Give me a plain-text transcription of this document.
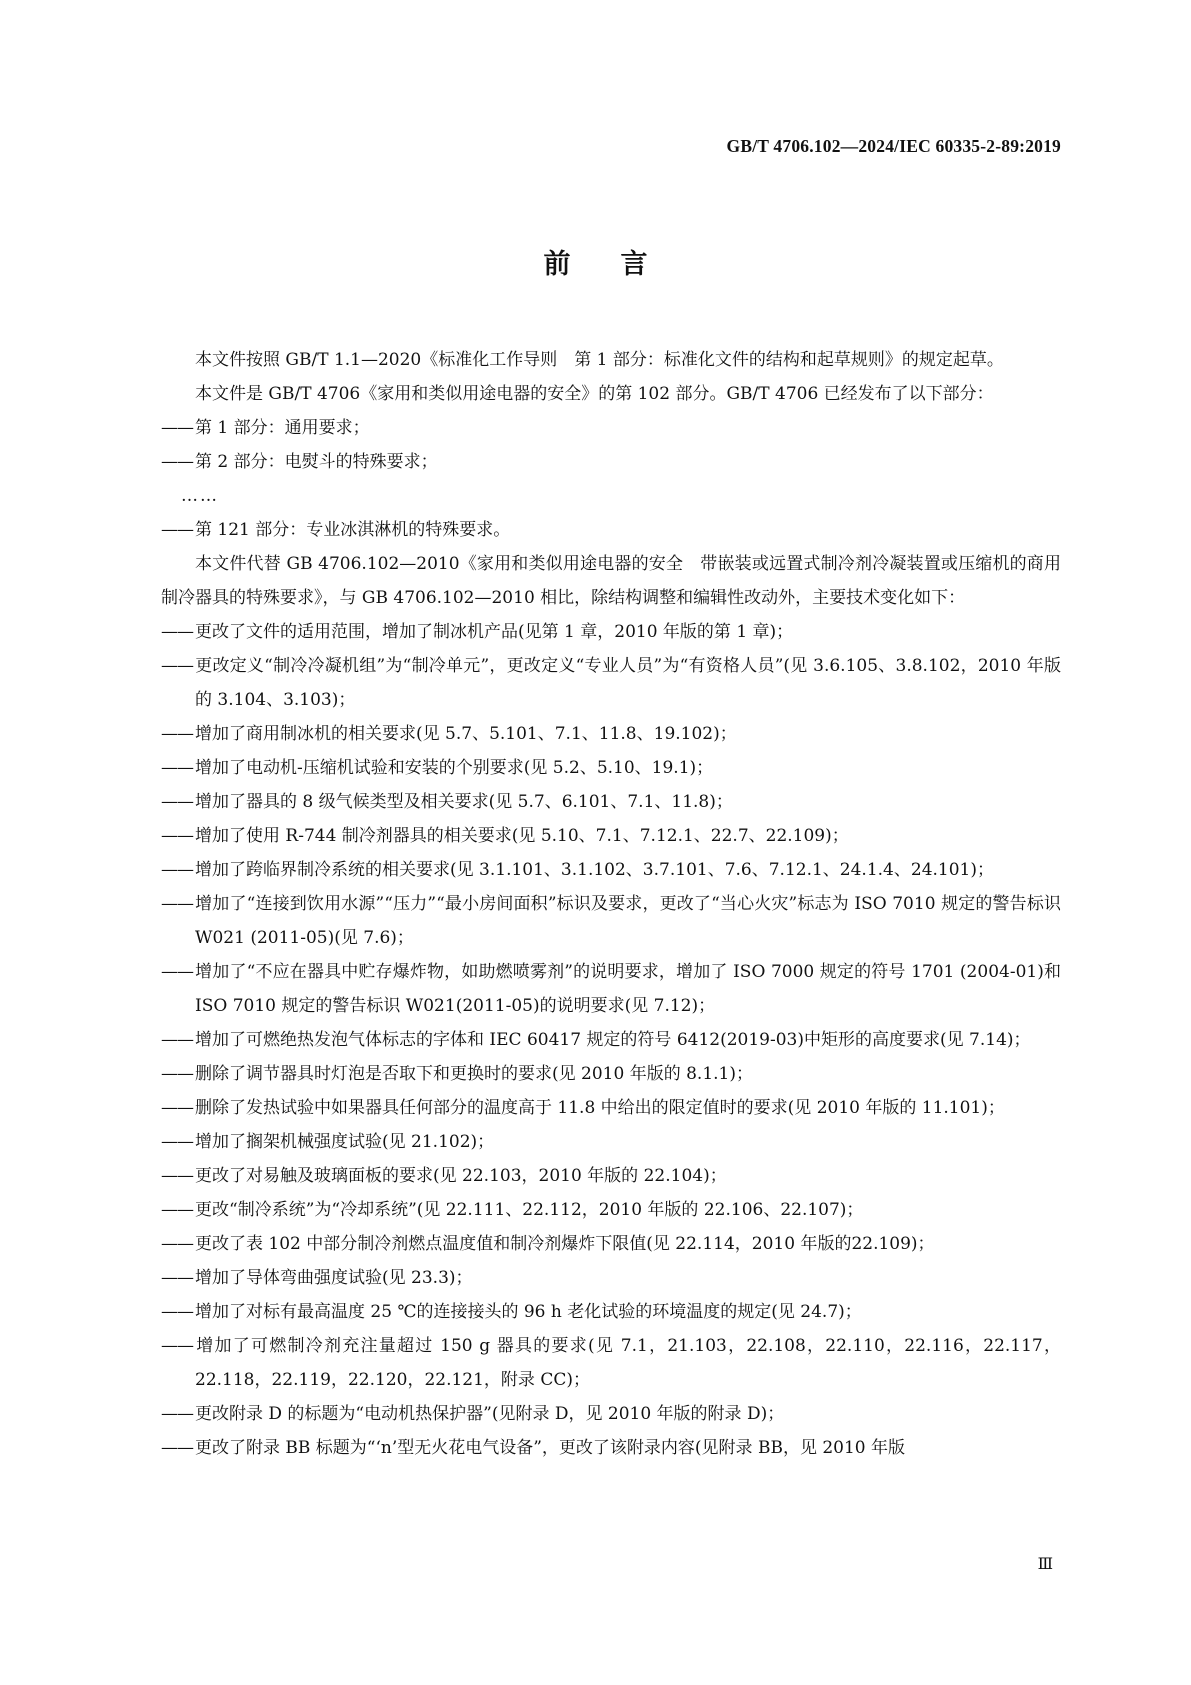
GB/T 4706.102—2024/IEC 60335-2-89:2019
前言

本文件按照 GB/T 1.1—2020《标准化工作导则　第 1 部分：标准化文件的结构和起草规则》的规定起草。

本文件是 GB/T 4706《家用和类似用途电器的安全》的第 102 部分。GB/T 4706 已经发布了以下部分：

—— 第 1 部分：通用要求；

—— 第 2 部分：电熨斗的特殊要求；

……

—— 第 121 部分：专业冰淇淋机的特殊要求。

本文件代替 GB 4706.102—2010《家用和类似用途电器的安全　带嵌装或远置式制冷剂冷凝装置或压缩机的商用制冷器具的特殊要求》，与 GB 4706.102—2010 相比，除结构调整和编辑性改动外，主要技术变化如下：

—— 更改了文件的适用范围，增加了制冰机产品(见第 1 章，2010 年版的第 1 章)；

—— 更改定义“制冷冷凝机组”为“制冷单元”，更改定义“专业人员”为“有资格人员”(见 3.6.105、3.8.102，2010 年版的 3.104、3.103)；

—— 增加了商用制冰机的相关要求(见 5.7、5.101、7.1、11.8、19.102)；

—— 增加了电动机-压缩机试验和安装的个别要求(见 5.2、5.10、19.1)；

—— 增加了器具的 8 级气候类型及相关要求(见 5.7、6.101、7.1、11.8)；

—— 增加了使用 R-744 制冷剂器具的相关要求(见 5.10、7.1、7.12.1、22.7、22.109)；

—— 增加了跨临界制冷系统的相关要求(见 3.1.101、3.1.102、3.7.101、7.6、7.12.1、24.1.4、24.101)；

—— 增加了“连接到饮用水源”“压力”“最小房间面积”标识及要求，更改了“当心火灾”标志为 ISO 7010 规定的警告标识 W021 (2011-05)(见 7.6)；

—— 增加了“不应在器具中贮存爆炸物，如助燃喷雾剂”的说明要求，增加了 ISO 7000 规定的符号 1701 (2004-01)和 ISO 7010 规定的警告标识 W021(2011-05)的说明要求(见 7.12)；

—— 增加了可燃绝热发泡气体标志的字体和 IEC 60417 规定的符号 6412(2019-03)中矩形的高度要求(见 7.14)；

—— 删除了调节器具时灯泡是否取下和更换时的要求(见 2010 年版的 8.1.1)；

—— 删除了发热试验中如果器具任何部分的温度高于 11.8 中给出的限定值时的要求(见 2010 年版的 11.101)；

—— 增加了搁架机械强度试验(见 21.102)；

—— 更改了对易触及玻璃面板的要求(见 22.103，2010 年版的 22.104)；

—— 更改“制冷系统”为“冷却系统”(见 22.111、22.112，2010 年版的 22.106、22.107)；

—— 更改了表 102 中部分制冷剂燃点温度值和制冷剂爆炸下限值(见 22.114，2010 年版的22.109)；

—— 增加了导体弯曲强度试验(见 23.3)；

—— 增加了对标有最高温度 25 ℃的连接接头的 96 h 老化试验的环境温度的规定(见 24.7)；

—— 增加了可燃制冷剂充注量超过 150 g 器具的要求(见 7.1，21.103，22.108，22.110，22.116，22.117，22.118，22.119，22.120，22.121，附录 CC)；

—— 更改附录 D 的标题为“电动机热保护器”(见附录 D，见 2010 年版的附录 D)；

—— 更改了附录 BB 标题为“‘n’型无火花电气设备”，更改了该附录内容(见附录 BB，见 2010 年版

Ⅲ
